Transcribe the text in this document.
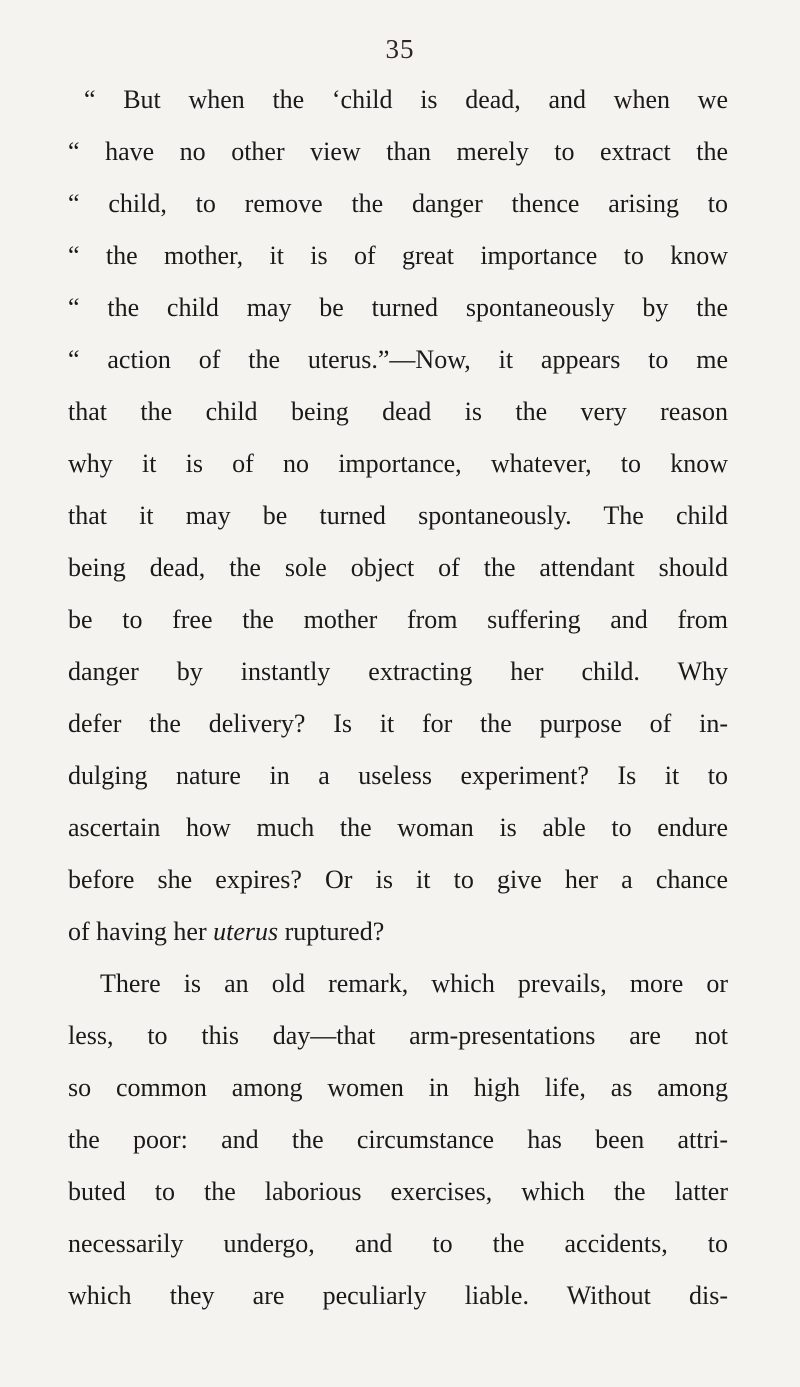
35
“ But when the ‘child is dead, and when we
“ have no other view than merely to extract the
“ child, to remove the danger thence arising to
“ the mother, it is of great importance to know
“ the child may be turned spontaneously by the
“ action of the uterus.”—Now, it appears to me
that the child being dead is the very reason
why it is of no importance, whatever, to know
that it may be turned spontaneously. The child
being dead, the sole object of the attendant should
be to free the mother from suffering and from
danger by instantly extracting her child. Why
defer the delivery? Is it for the purpose of in-
dulging nature in a useless experiment? Is it to
ascertain how much the woman is able to endure
before she expires? Or is it to give her a chance
of having her uterus ruptured?
There is an old remark, which prevails, more or
less, to this day—that arm-presentations are not
so common among women in high life, as among
the poor: and the circumstance has been attri-
buted to the laborious exercises, which the latter
necessarily undergo, and to the accidents, to
which they are peculiarly liable. Without dis-
